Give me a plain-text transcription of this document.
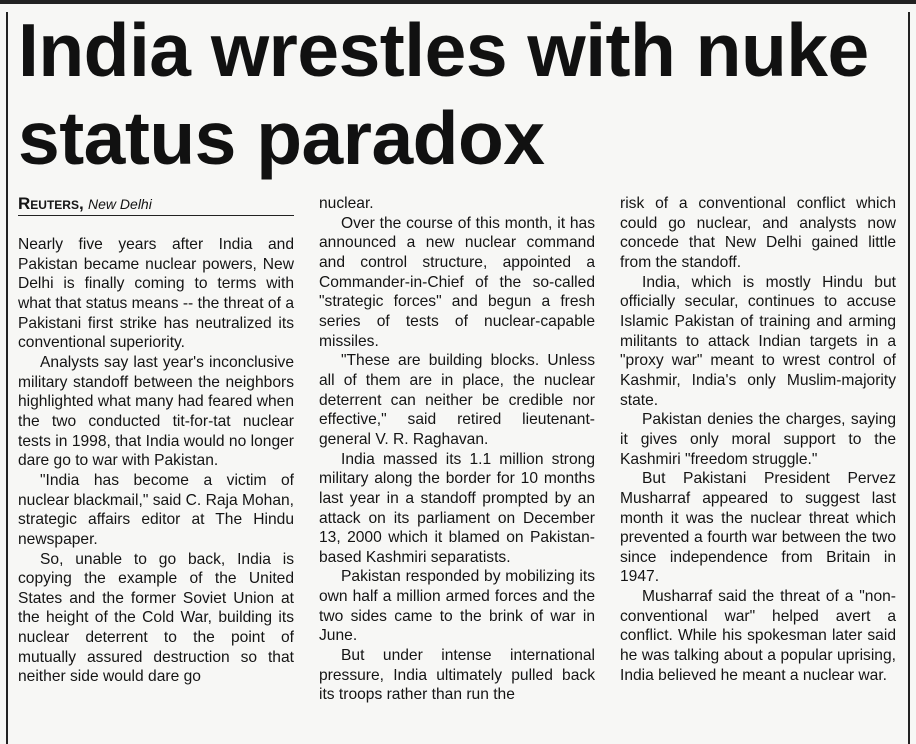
India wrestles with nuke status paradox
Reuters, New Delhi

Nearly five years after India and Pakistan became nuclear powers, New Delhi is finally coming to terms with what that status means -- the threat of a Pakistani first strike has neutralized its conventional superiority.

Analysts say last year's inconclusive military standoff between the neighbors highlighted what many had feared when the two conducted tit-for-tat nuclear tests in 1998, that India would no longer dare go to war with Pakistan.

"India has become a victim of nuclear blackmail," said C. Raja Mohan, strategic affairs editor at The Hindu newspaper.

So, unable to go back, India is copying the example of the United States and the former Soviet Union at the height of the Cold War, building its nuclear deterrent to the point of mutually assured destruction so that neither side would dare go

nuclear.

Over the course of this month, it has announced a new nuclear command and control structure, appointed a Commander-in-Chief of the so-called "strategic forces" and begun a fresh series of tests of nuclear-capable missiles.

"These are building blocks. Unless all of them are in place, the nuclear deterrent can neither be credible nor effective," said retired lieutenant-general V. R. Raghavan.

India massed its 1.1 million strong military along the border for 10 months last year in a standoff prompted by an attack on its parliament on December 13, 2000 which it blamed on Pakistan-based Kashmiri separatists.

Pakistan responded by mobilizing its own half a million armed forces and the two sides came to the brink of war in June.

But under intense international pressure, India ultimately pulled back its troops rather than run the

risk of a conventional conflict which could go nuclear, and analysts now concede that New Delhi gained little from the standoff.

India, which is mostly Hindu but officially secular, continues to accuse Islamic Pakistan of training and arming militants to attack Indian targets in a "proxy war" meant to wrest control of Kashmir, India's only Muslim-majority state.

Pakistan denies the charges, saying it gives only moral support to the Kashmiri "freedom struggle."

But Pakistani President Pervez Musharraf appeared to suggest last month it was the nuclear threat which prevented a fourth war between the two since independence from Britain in 1947.

Musharraf said the threat of a "non-conventional war" helped avert a conflict. While his spokesman later said he was talking about a popular uprising, India believed he meant a nuclear war.
